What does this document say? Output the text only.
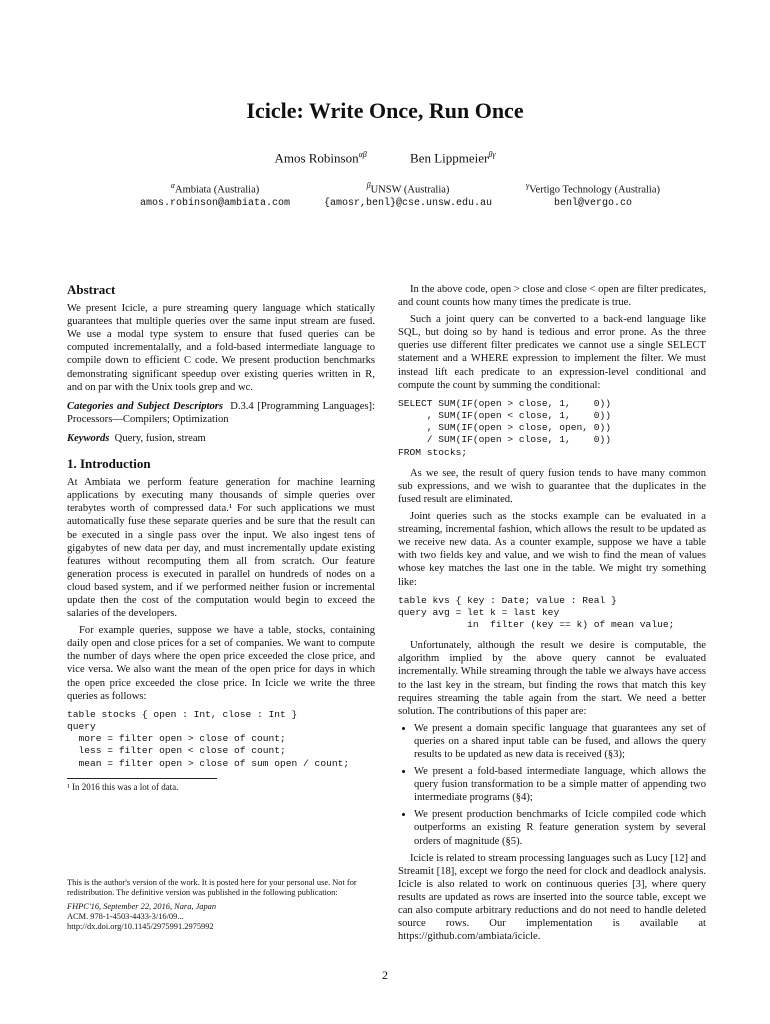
Icicle: Write Once, Run Once
Amos Robinson$^{\alpha\beta}$	Ben Lippmeier$^{\beta\gamma}$
$^\alpha$Ambiata (Australia)
amos.robinson@ambiata.com
$^\beta$UNSW (Australia)
{amosr,benl}@cse.unsw.edu.au
$^\gamma$Vertigo Technology (Australia)
benl@vergo.co
Abstract

We present Icicle, a pure streaming query language which statically guarantees that multiple queries over the same input stream are fused. We use a modal type system to ensure that fused queries can be computed incrementalally, and a fold-based intermediate language to compile down to efficient C code. We present production benchmarks demonstrating significant speedup over existing queries written in R, and on par with the Unix tools grep and wc.

Categories and Subject Descriptors D.3.4 [Programming Languages]: Processors—Compilers; Optimization

Keywords Query, fusion, stream

1. Introduction

At Ambiata we perform feature generation for machine learning applications by executing many thousands of simple queries over terabytes worth of compressed data.¹ For such applications we must automatically fuse these separate queries and be sure that the result can be executed in a single pass over the input. We also ingest tens of gigabytes of new data per day, and must incrementally update existing features without recomputing them all from scratch. Our feature generation process is executed in parallel on hundreds of nodes on a cloud based system, and if we performed neither fusion or incremental update then the cost of the computation would begin to exceed the salaries of the developers.

For example queries, suppose we have a table, stocks, containing daily open and close prices for a set of companies. We want to compute the number of days where the open price exceeded the close price, and vice versa. We also want the mean of the open price for days in which the open price exceeded the close price. In Icicle we write the three queries as follows:

table stocks { open : Int, close : Int }
query
more = filter open > close of count;
less = filter open < close of count;
mean = filter open > close of sum open / count;
¹ In 2016 this was a lot of data.

This is the author's version of the work. It is posted here for your personal use. Not for redistribution. The definitive version was published in the following publication:

FHPC'16, September 22, 2016, Nara, Japan
ACM. 978-1-4503-4433-3/16/09...
http://dx.doi.org/10.1145/2975991.2975992

In the above code, open > close and close < open are filter predicates, and count counts how many times the predicate is true.

Such a joint query can be converted to a back-end language like SQL, but doing so by hand is tedious and error prone. As the three queries use different filter predicates we cannot use a single SELECT statement and a WHERE expression to implement the filter. We must instead lift each predicate to an expression-level conditional and compute the count by summing the conditional:

SELECT SUM(IF(open > close, 1,    0))
, SUM(IF(open < close, 1,    0))
, SUM(IF(open > close, open, 0))
/ SUM(IF(open > close, 1,    0))
FROM stocks;

As we see, the result of query fusion tends to have many common sub expressions, and we wish to guarantee that the duplicates in the fused result are eliminated.

Joint queries such as the stocks example can be evaluated in a streaming, incremental fashion, which allows the result to be updated as we receive new data. As a counter example, suppose we have a table with two fields key and value, and we wish to find the mean of values whose key matches the last one in the table. We might try something like:

table kvs { key : Date; value : Real }
query avg = let k = last key
in  filter (key == k) of mean value;

Unfortunately, although the result we desire is computable, the algorithm implied by the above query cannot be evaluated incrementally. While streaming through the table we always have access to the last key in the stream, but finding the rows that match this key requires streaming the table again from the start. We need a better solution. The contributions of this paper are:

• We present a domain specific language that guarantees any set of queries on a shared input table can be fused, and allows the query results to be updated as new data is received (§3);
• We present a fold-based intermediate language, which allows the query fusion transformation to be a simple matter of appending two intermediate programs (§4);
• We present production benchmarks of Icicle compiled code which outperforms an existing R feature generation system by several orders of magnitude (§5).

Icicle is related to stream processing languages such as Lucy [12] and Streamit [18], except we forgo the need for clock and deadlock analysis. Icicle is also related to work on continuous queries [3], where query results are updated as rows are inserted into the source table, except we can also compute arbitrary reductions and do not need to handle deleted source rows. Our implementation is available at https://github.com/ambiata/icicle.

2
